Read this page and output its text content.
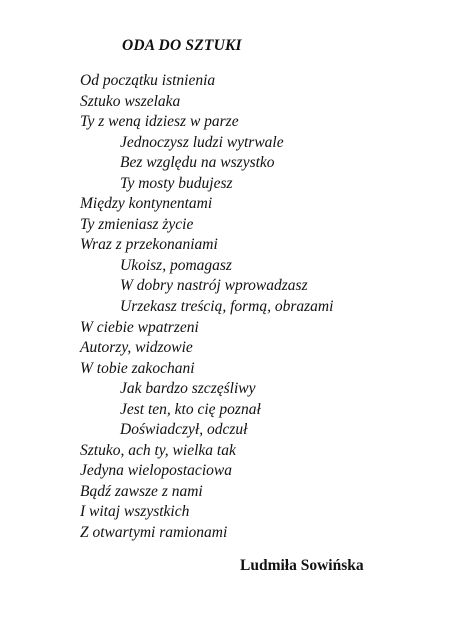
ODA DO SZTUKI
Od początku istnienia
Sztuko wszelaka
Ty z weną idziesz w parze
Jednoczysz ludzi wytrwale
Bez względu na wszystko
Ty mosty budujesz
Między kontynentami
Ty zmieniasz życie
Wraz z przekonaniami
Ukoisz, pomagasz
W dobry nastrój wprowadzasz
Urzekasz treścią, formą, obrazami
W ciebie wpatrzeni
Autorzy, widzowie
W tobie zakochani
Jak bardzo szczęśliwy
Jest ten, kto cię poznał
Doświadczył, odczuł
Sztuko, ach ty, wielka tak
Jedyna wielopostaciowa
Bądź zawsze z nami
I witaj wszystkich
Z otwartymi ramionami
Ludmiła Sowińska
